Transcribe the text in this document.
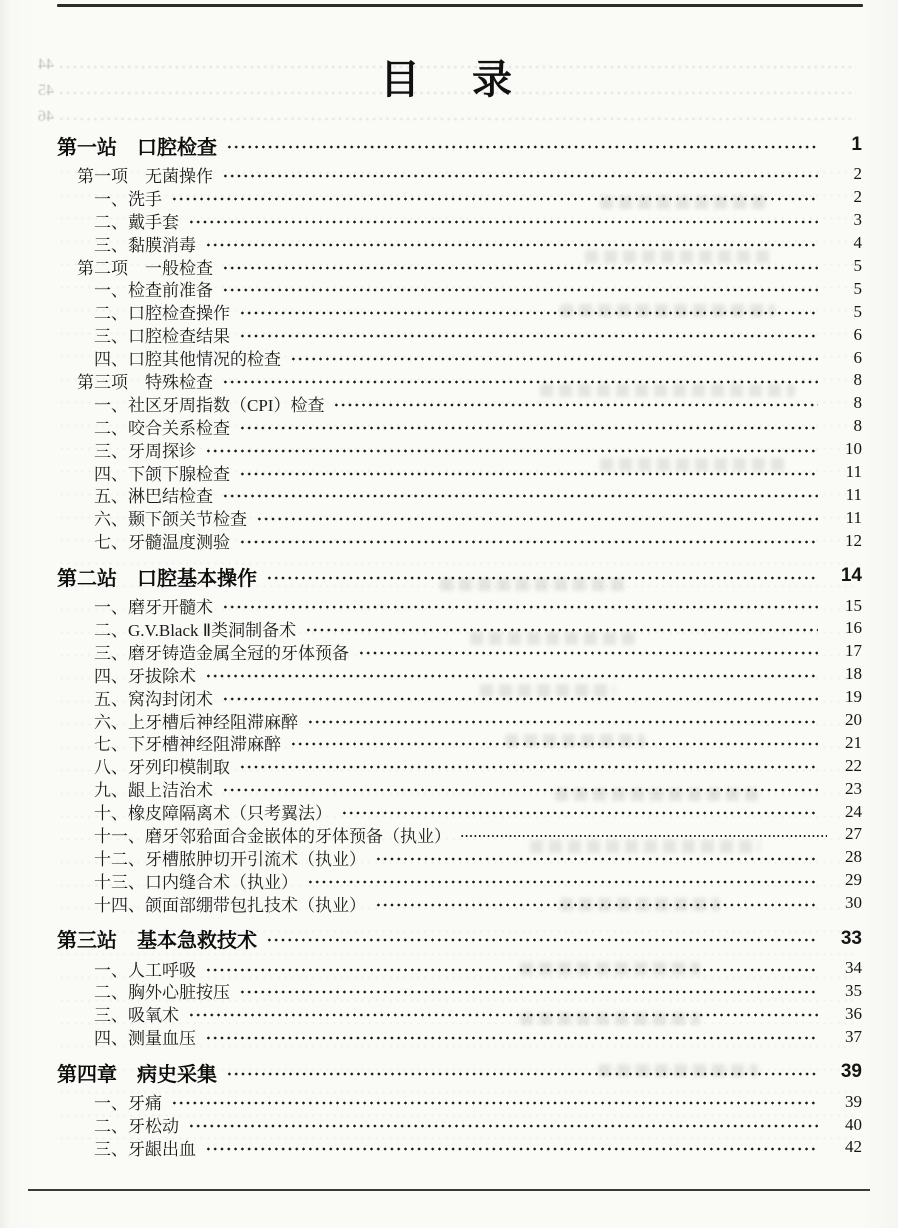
44
45
46
目　录
第一站　口腔检查	1
第一项　无菌操作	2
一、洗手	2
二、戴手套	3
三、黏膜消毒	4
第二项　一般检查	5
一、检查前准备	5
二、口腔检查操作	5
三、口腔检查结果	6
四、口腔其他情况的检查	6
第三项　特殊检查	8
一、社区牙周指数（CPI）检查	8
二、咬合关系检查	8
三、牙周探诊	10
四、下颌下腺检查	11
五、淋巴结检查	11
六、颞下颌关节检查	11
七、牙髓温度测验	12
第二站　口腔基本操作	14
一、磨牙开髓术	15
二、G.V.Black Ⅱ类洞制备术	16
三、磨牙铸造金属全冠的牙体预备	17
四、牙拔除术	18
五、窝沟封闭术	19
六、上牙槽后神经阻滞麻醉	20
七、下牙槽神经阻滞麻醉	21
八、牙列印模制取	22
九、龈上洁治术	23
十、橡皮障隔离术（只考翼法）	24
十一、磨牙邻𬌗面合金嵌体的牙体预备（执业）	27
十二、牙槽脓肿切开引流术（执业）	28
十三、口内缝合术（执业）	29
十四、颌面部绷带包扎技术（执业）	30
第三站　基本急救技术	33
一、人工呼吸	34
二、胸外心脏按压	35
三、吸氧术	36
四、测量血压	37
第四章　病史采集	39
一、牙痛	39
二、牙松动	40
三、牙龈出血	42
